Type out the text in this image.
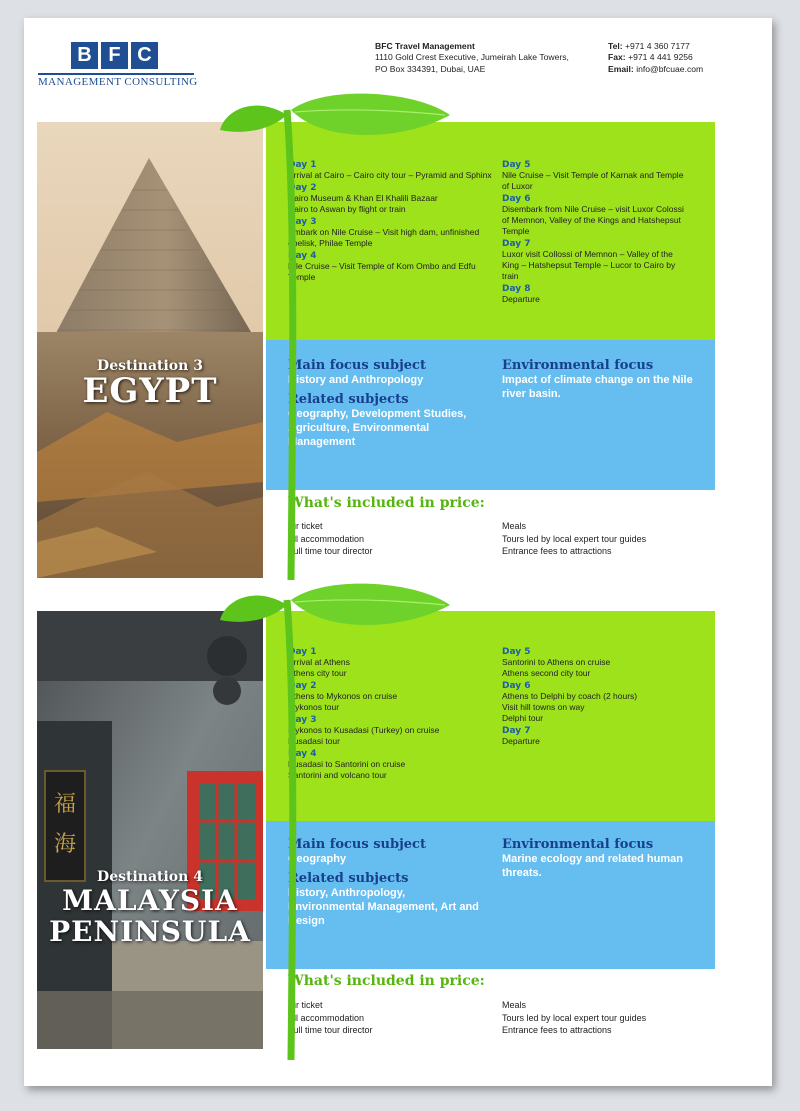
B F C
MANAGEMENT CONSULTING
BFC Travel Management
1110 Gold Crest Executive, Jumeirah Lake Towers,
PO Box 334391, Dubai, UAE
Tel: +971 4 360 7177
Fax: +971 4 441 9256
Email: info@bfcuae.com
Destination 3
EGYPT
Day 1
Arrival at Cairo – Cairo city tour – Pyramid and Sphinx
Day 2
Cairo Museum & Khan El Khalili Bazaar
Cairo to Aswan by flight or train
Day 3
Embark on Nile Cruise – Visit high dam, unfinished obelisk, Philae Temple
Day 4
Nile Cruise – Visit Temple of Kom Ombo and Edfu Temple
Day 5
Nile Cruise – Visit Temple of Karnak and Temple of Luxor
Day 6
Disembark from Nile Cruise – visit Luxor Colossi of Memnon, Valley of the Kings and Hatshepsut Temple
Day 7
Luxor visit Collossi of Memnon – Valley of the King – Hatshepsut Temple – Lucor to Cairo by train
Day 8
Departure
Main focus subject
History and Anthropology
Related subjects
Geography, Development Studies, Agriculture, Environmental Management
Environmental focus
Impact of climate change on the Nile river basin.
What's included in price:
Air ticket
All accommodation
Full time tour director
Meals
Tours led by local expert tour guides
Entrance fees to attractions
福
海
Destination 4
MALAYSIA
PENINSULA
Day 1
Arrival at Athens
Athens city tour
Day 2
Athens to Mykonos on cruise
Mykonos tour
Day 3
Mykonos to Kusadasi (Turkey) on cruise
Kusadasi tour
Day 4
Kusadasi to Santorini on cruise
Santorini and volcano tour
Day 5
Santorini to Athens on cruise
Athens second city tour
Day 6
Athens to Delphi by coach (2 hours)
Visit hill towns on way
Delphi tour
Day 7
Departure
Main focus subject
Geography
Related subjects
History, Anthropology, Environmental Management, Art and Design
Environmental focus
Marine ecology and related human threats.
What's included in price:
Air ticket
All accommodation
Full time tour director
Meals
Tours led by local expert tour guides
Entrance fees to attractions
